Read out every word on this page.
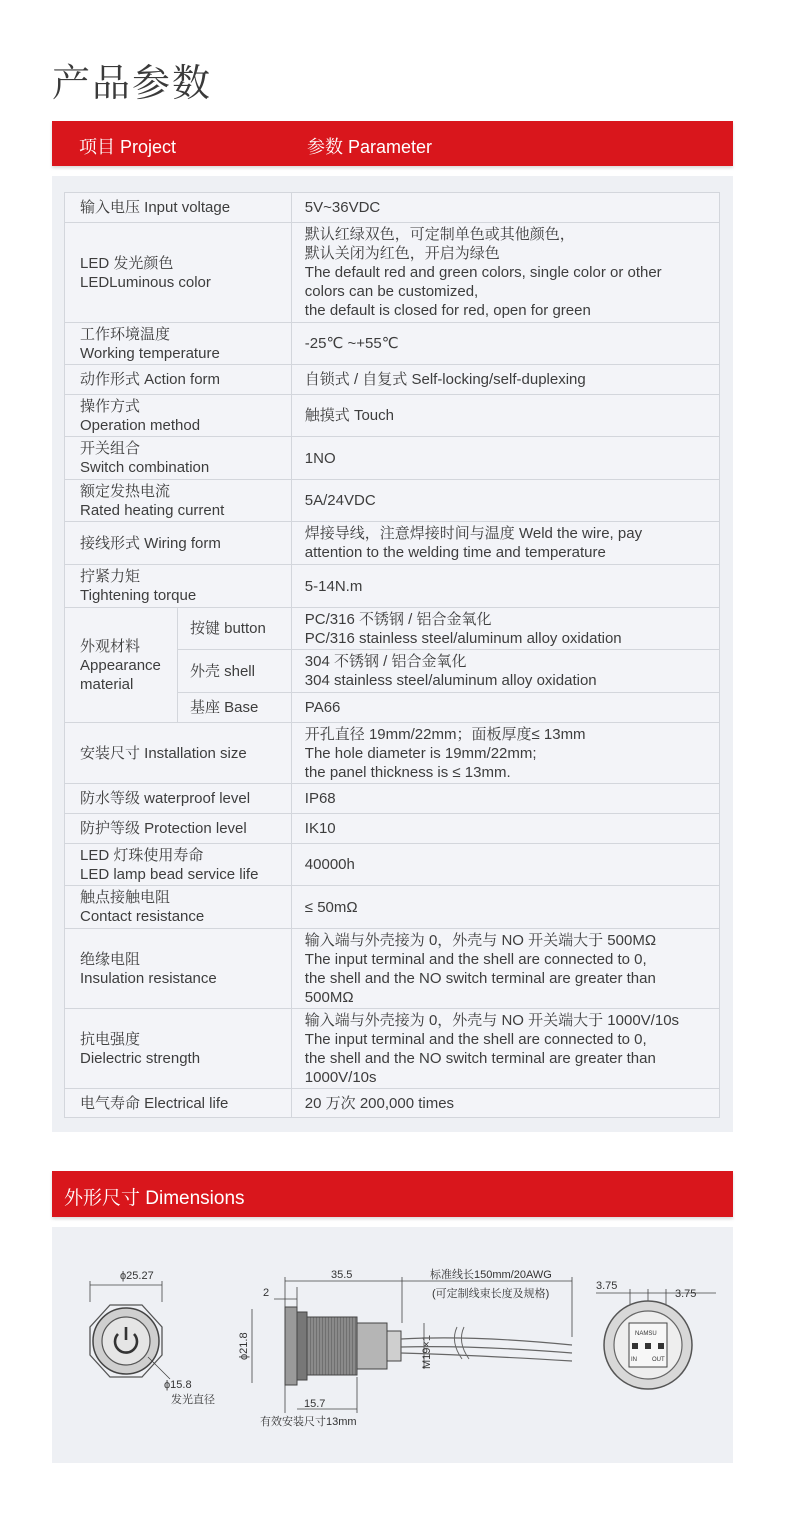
产品参数
项目 Project	参数 Parameter
输入电压 Input voltage		5V~36VDC
LED 发光颜色
LEDLuminous color		默认红绿双色，可定制单色或其他颜色，
默认关闭为红色，开启为绿色
The default red and green colors, single color or other
colors can be customized,
the default is closed for red, open for green
工作环境温度
Working temperature		-25℃ ~+55℃
动作形式 Action form		自锁式 / 自复式 Self-locking/self-duplexing
操作方式
Operation method		触摸式 Touch
开关组合
Switch combination		1NO
额定发热电流
Rated heating current		5A/24VDC
接线形式 Wiring form		焊接导线，注意焊接时间与温度 Weld the wire, pay
attention to the welding time and temperature
拧紧力矩
Tightening torque		5-14N.m
外观材料
Appearance
material	按键 button	PC/316 不锈钢 / 铝合金氧化
PC/316 stainless steel/aluminum alloy oxidation
	外壳 shell	304 不锈钢 / 铝合金氧化
304 stainless steel/aluminum alloy oxidation
	基座 Base	PA66
安装尺寸 Installation size		开孔直径 19mm/22mm；面板厚度≤ 13mm
The hole diameter is 19mm/22mm;
the panel thickness is ≤ 13mm.
防水等级 waterproof level		IP68
防护等级 Protection level		IK10
LED 灯珠使用寿命
LED lamp bead service life		40000h
触点接触电阻
Contact resistance		≤ 50mΩ
绝缘电阻
Insulation resistance		输入端与外壳接为 0，外壳与 NO 开关端大于 500MΩ
The input terminal and the shell are connected to 0,
the shell and the NO switch terminal are greater than
500MΩ
抗电强度
Dielectric strength		输入端与外壳接为 0，外壳与 NO 开关端大于 1000V/10s
The input terminal and the shell are connected to 0,
the shell and the NO switch terminal are greater than
1000V/10s
电气寿命 Electrical life		20 万次 200,000 times
外形尺寸 Dimensions
ϕ25.27
ϕ15.8
发光直径
35.5
2
ϕ21.8	M19×1
15.7
有效安装尺寸13mm
标准线长150mm/20AWG
(可定制线束长度及规格)
3.75
3.75
NAMSU
IN	OUT
